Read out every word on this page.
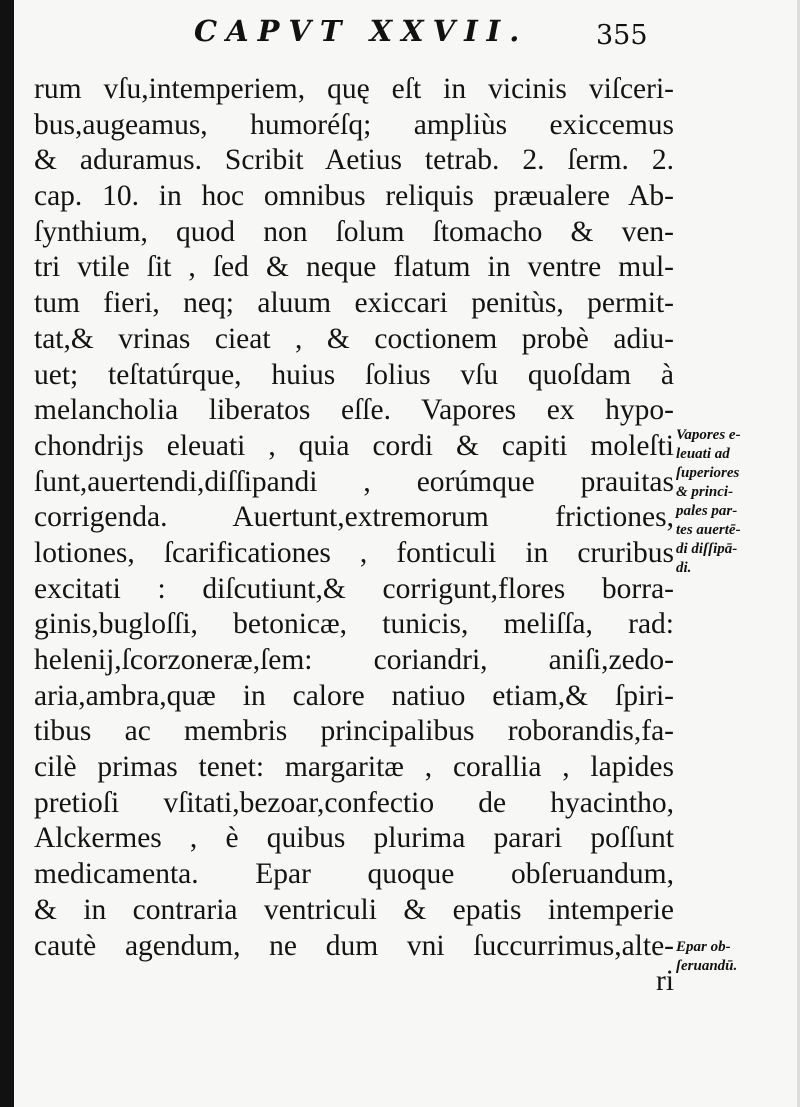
CAPVT XXVII.	355
rum vſu,intemperiem, quę eſt in vicinis viſceri-
bus,augeamus, humoréſq; ampliùs exiccemus
& aduramus. Scribit Aetius tetrab. 2. ſerm. 2.
cap. 10. in hoc omnibus reliquis præualere Ab-
ſynthium, quod non ſolum ſtomacho & ven-
tri vtile ſit , ſed & neque flatum in ventre mul-
tum fieri, neq; aluum exiccari penitùs, permit-
tat,& vrinas cieat , & coctionem probè adiu-
uet; teſtatúrque, huius ſolius vſu quoſdam à
melancholia liberatos eſſe. Vapores ex hypo-
chondrijs eleuati , quia cordi & capiti moleſti
ſunt,auertendi,diſſipandi , eorúmque prauitas
corrigenda. Auertunt,extremorum frictiones,
lotiones, ſcarificationes , fonticuli in cruribus
excitati : diſcutiunt,& corrigunt,flores borra-
ginis,bugloſſi, betonicæ, tunicis, meliſſa, rad:
helenij,ſcorzoneræ,ſem: coriandri, aniſi,zedo-
aria,ambra,quæ in calore natiuo etiam,& ſpiri-
tibus ac membris principalibus roborandis,fa-
cilè primas tenet: margaritæ , corallia , lapides
pretioſi vſitati,bezoar,confectio de hyacintho,
Alckermes , è quibus plurima parari poſſunt
medicamenta. Epar quoque obſeruandum,
& in contraria ventriculi & epatis intemperie
cautè agendum, ne dum vni ſuccurrimus,alte-
ri
Vapores e-
leuati ad
ſuperiores
& princi-
pales par-
tes auertē-
di diſſipā-
di.
Epar ob-
ſeruandū.
